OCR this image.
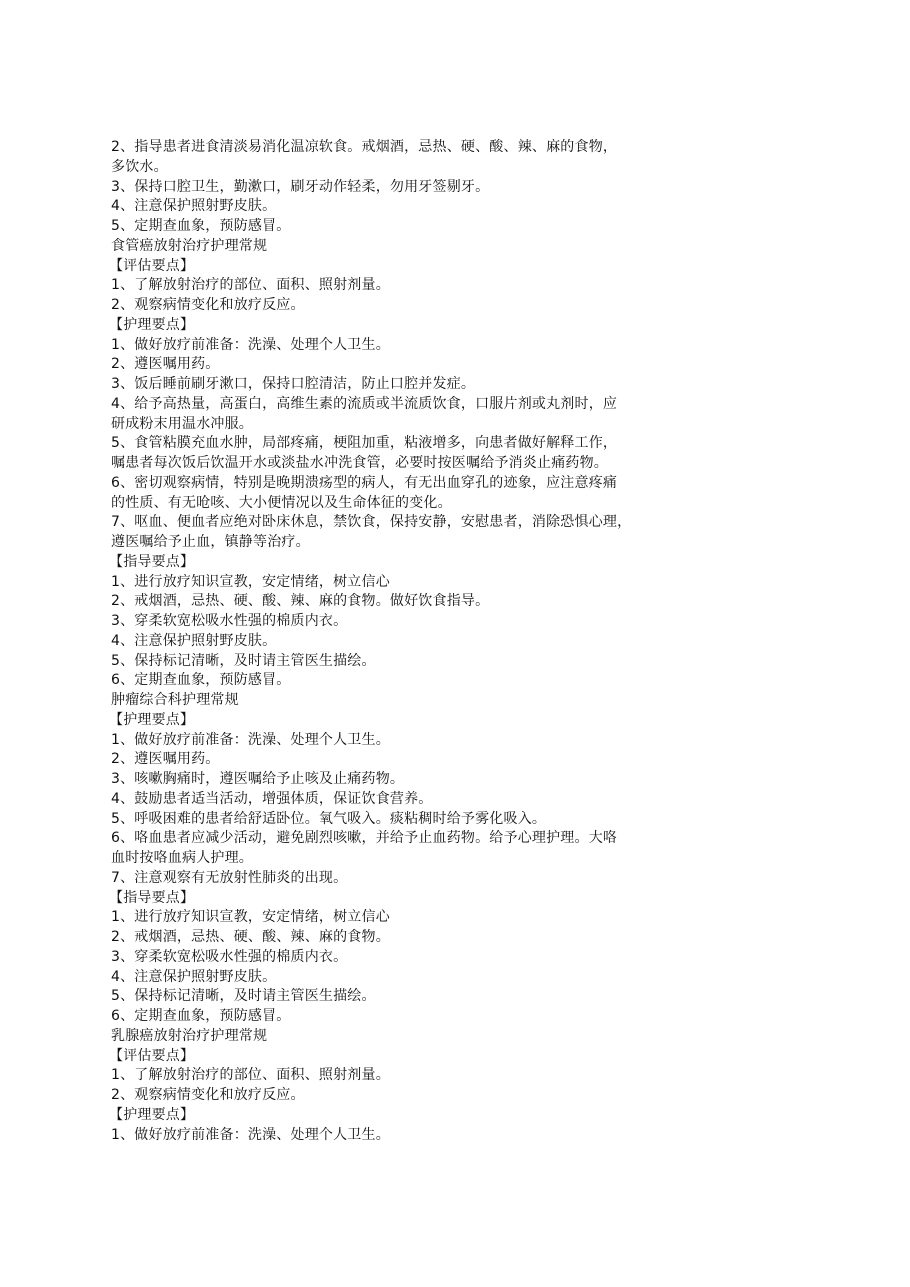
2、指导患者进食清淡易消化温凉软食。戒烟酒，忌热、硬、酸、辣、麻的食物，
多饮水。
3、保持口腔卫生，勤漱口，刷牙动作轻柔，勿用牙签剔牙。
4、注意保护照射野皮肤。
5、定期查血象，预防感冒。
食管癌放射治疗护理常规
【评估要点】
1、了解放射治疗的部位、面积、照射剂量。
2、观察病情变化和放疗反应。
【护理要点】
1、做好放疗前准备：洗澡、处理个人卫生。
2、遵医嘱用药。
3、饭后睡前刷牙漱口，保持口腔清洁，防止口腔并发症。
4、给予高热量，高蛋白，高维生素的流质或半流质饮食，口服片剂或丸剂时，应
研成粉末用温水冲服。
5、食管粘膜充血水肿，局部疼痛，梗阻加重，粘液增多，向患者做好解释工作，
嘱患者每次饭后饮温开水或淡盐水冲洗食管，必要时按医嘱给予消炎止痛药物。
6、密切观察病情，特别是晚期溃疡型的病人，有无出血穿孔的迹象，应注意疼痛
的性质、有无呛咳、大小便情况以及生命体征的变化。
7、呕血、便血者应绝对卧床休息，禁饮食，保持安静，安慰患者，消除恐惧心理，
遵医嘱给予止血，镇静等治疗。
【指导要点】
1、进行放疗知识宣教，安定情绪，树立信心
2、戒烟酒，忌热、硬、酸、辣、麻的食物。做好饮食指导。
3、穿柔软宽松吸水性强的棉质内衣。
4、注意保护照射野皮肤。
5、保持标记清晰，及时请主管医生描绘。
6、定期查血象，预防感冒。
肿瘤综合科护理常规
【护理要点】
1、做好放疗前准备：洗澡、处理个人卫生。
2、遵医嘱用药。
3、咳嗽胸痛时，遵医嘱给予止咳及止痛药物。
4、鼓励患者适当活动，增强体质，保证饮食营养。
5、呼吸困难的患者给舒适卧位。氧气吸入。痰粘稠时给予雾化吸入。
6、咯血患者应减少活动，避免剧烈咳嗽，并给予止血药物。给予心理护理。大咯
血时按咯血病人护理。
7、注意观察有无放射性肺炎的出现。
【指导要点】
1、进行放疗知识宣教，安定情绪，树立信心
2、戒烟酒，忌热、硬、酸、辣、麻的食物。
3、穿柔软宽松吸水性强的棉质内衣。
4、注意保护照射野皮肤。
5、保持标记清晰，及时请主管医生描绘。
6、定期查血象，预防感冒。
乳腺癌放射治疗护理常规
【评估要点】
1、了解放射治疗的部位、面积、照射剂量。
2、观察病情变化和放疗反应。
【护理要点】
1、做好放疗前准备：洗澡、处理个人卫生。
